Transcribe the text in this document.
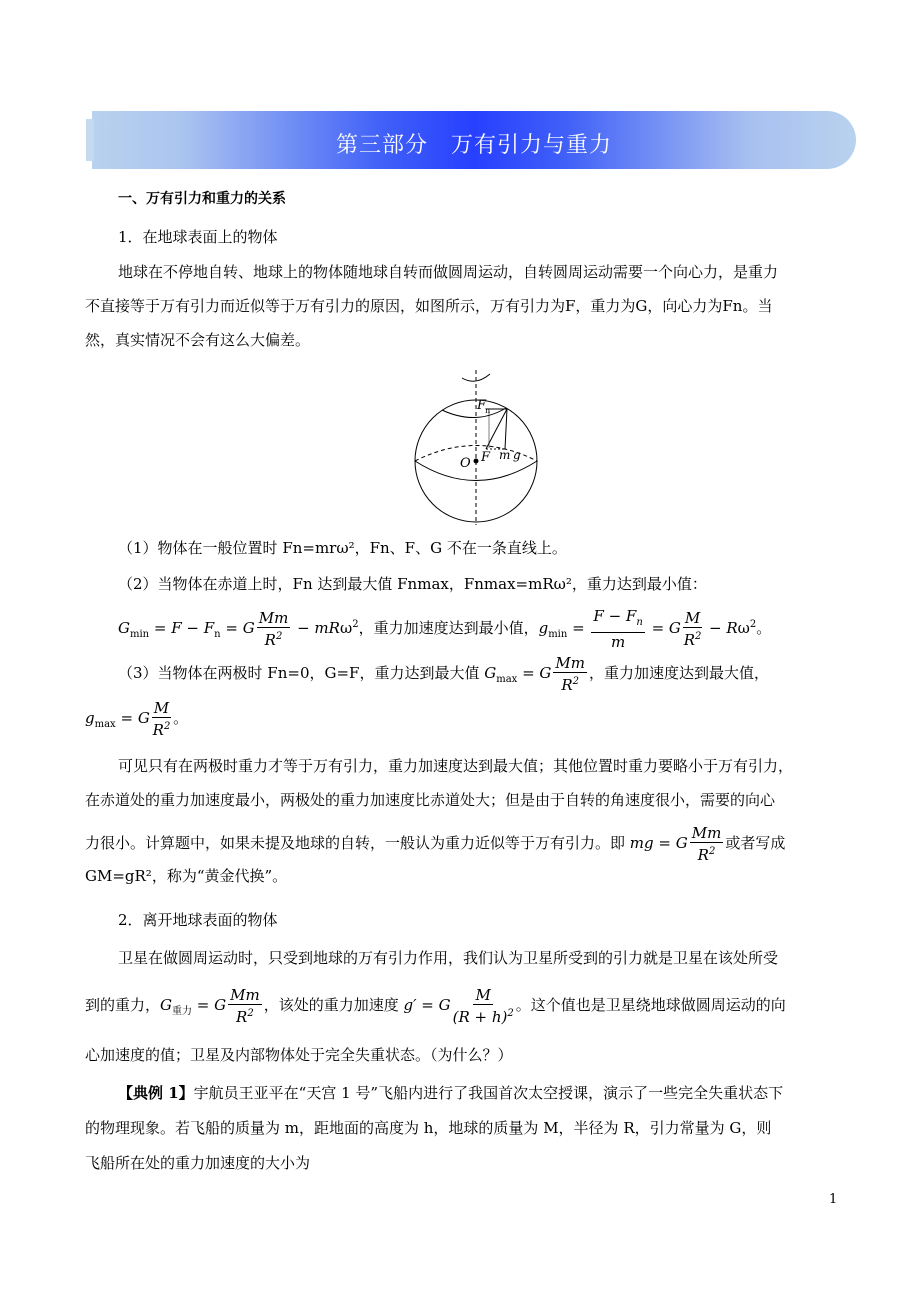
第三部分　万有引力与重力
一、万有引力和重力的关系
1．在地球表面上的物体
地球在不停地自转、地球上的物体随地球自转而做圆周运动，自转圆周运动需要一个向心力，是重力
不直接等于万有引力而近似等于万有引力的原因，如图所示，万有引力为F，重力为G，向心力为Fn。当
然，真实情况不会有这么大偏差。
F
n
O F m g
（1）物体在一般位置时 Fn=mrω²，Fn、F、G 不在一条直线上。
（2）当物体在赤道上时，Fn 达到最大值 Fnmax，Fnmax=mRω²，重力达到最小值：
$G_{min} = F - F_n = G \frac{Mm}{R^2} - mR\omega^2$，重力加速度达到最小值，$g_{min} = \frac{F - F_n}{m} = G \frac{M}{R^2} - R\omega^2$。
（3）当物体在两极时 Fn=0，G=F，重力达到最大值 $G_{max} = G \frac{Mm}{R^2}$ ，重力加速度达到最大值，
$g_{max} = G \frac{M}{R^2}$ 。
可见只有在两极时重力才等于万有引力，重力加速度达到最大值；其他位置时重力要略小于万有引力，
在赤道处的重力加速度最小，两极处的重力加速度比赤道处大；但是由于自转的角速度很小，需要的向心
力很小。计算题中，如果未提及地球的自转，一般认为重力近似等于万有引力。即 mg = G $\frac{Mm}{R^2}$ 或者写成
GM=gR²，称为“黄金代换”。
2．离开地球表面的物体
卫星在做圆周运动时，只受到地球的万有引力作用，我们认为卫星所受到的引力就是卫星在该处所受
到的重力，$G_{重力} = G \frac{Mm}{R^2}$ ，该处的重力加速度 g′ = G $\frac{M}{(R + h)^2}$ 。这个值也是卫星绕地球做圆周运动的向
心加速度的值；卫星及内部物体处于完全失重状态。（为什么？）
【典例 1】宇航员王亚平在“天宫 1 号”飞船内进行了我国首次太空授课，演示了一些完全失重状态下
的物理现象。若飞船的质量为 m，距地面的高度为 h，地球的质量为 M，半径为 R，引力常量为 G，则
飞船所在处的重力加速度的大小为
1
